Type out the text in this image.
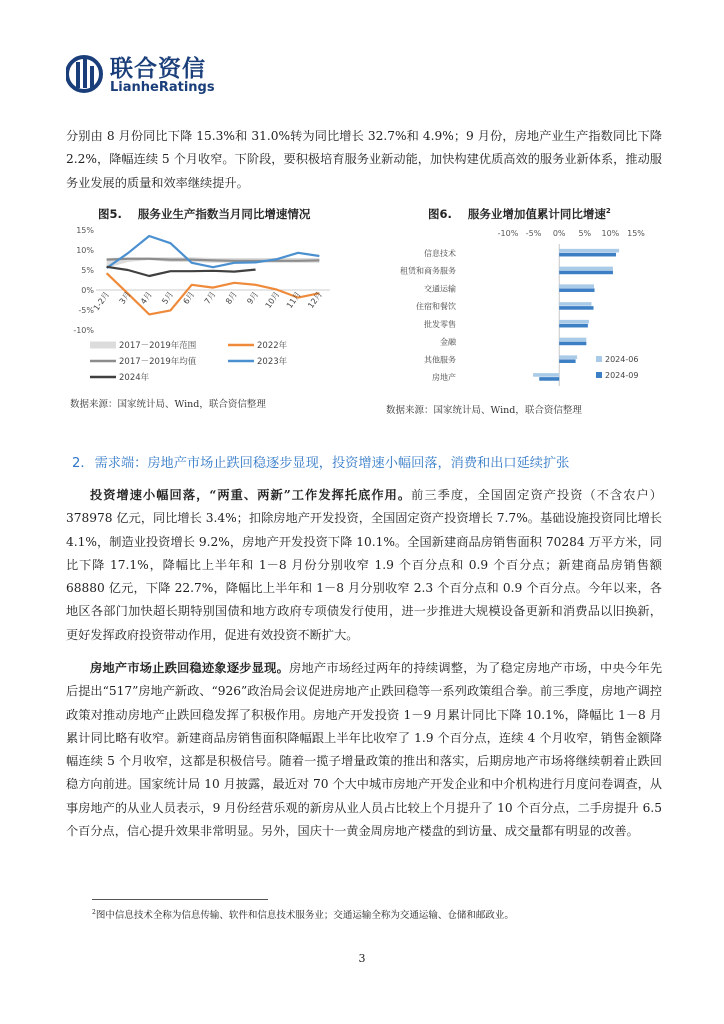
联合资信
LianheRatings

分别由 8 月份同比下降 15.3%和 31.0%转为同比增长 32.7%和 4.9%；9 月份，房地产业生产指数同比下降 2.2%，降幅连续 5 个月收窄。下阶段，要积极培育服务业新动能，加快构建优质高效的服务业新体系，推动服务业发展的质量和效率继续提升。

图5. 服务业生产指数当月同比增速情况
15%
10%
5%
0%
-5%
-10%
1-2月 3月 4月 5月 6月 7月 8月 9月 10月 11月 12月
2017－2019年范围	2022年
2017－2019年均值	2023年
2024年
数据来源：国家统计局、Wind，联合资信整理
图6. 服务业增加值累计同比增速$^2$
-10% -5% 0% 5% 10% 15%
信息技术
租赁和商务服务
交通运输
住宿和餐饮
批发零售
金融
其他服务
房地产
2024-06
2024-09
数据来源：国家统计局、Wind，联合资信整理
2. 需求端：房地产市场止跌回稳逐步显现，投资增速小幅回落，消费和出口延续扩张

投资增速小幅回落，“两重、两新”工作发挥托底作用。前三季度，全国固定资产投资（不含农户）378978 亿元，同比增长 3.4%；扣除房地产开发投资，全国固定资产投资增长 7.7%。基础设施投资同比增长 4.1%，制造业投资增长 9.2%，房地产开发投资下降 10.1%。全国新建商品房销售面积 70284 万平方米，同比下降 17.1%，降幅比上半年和 1－8 月份分别收窄 1.9 个百分点和 0.9 个百分点；新建商品房销售额 68880 亿元，下降 22.7%，降幅比上半年和 1－8 月分别收窄 2.3 个百分点和 0.9 个百分点。今年以来，各地区各部门加快超长期特别国债和地方政府专项债发行使用，进一步推进大规模设备更新和消费品以旧换新，更好发挥政府投资带动作用，促进有效投资不断扩大。

房地产市场止跌回稳迹象逐步显现。房地产市场经过两年的持续调整，为了稳定房地产市场，中央今年先后提出“517”房地产新政、“926”政治局会议促进房地产止跌回稳等一系列政策组合拳。前三季度，房地产调控政策对推动房地产止跌回稳发挥了积极作用。房地产开发投资 1－9 月累计同比下降 10.1%，降幅比 1－8 月累计同比略有收窄。新建商品房销售面积降幅跟上半年比收窄了 1.9 个百分点，连续 4 个月收窄，销售金额降幅连续 5 个月收窄，这都是积极信号。随着一揽子增量政策的推出和落实，后期房地产市场将继续朝着止跌回稳方向前进。国家统计局 10 月披露，最近对 70 个大中城市房地产开发企业和中介机构进行月度问卷调查，从事房地产的从业人员表示，9 月份经营乐观的新房从业人员占比较上个月提升了 10 个百分点，二手房提升 6.5 个百分点，信心提升效果非常明显。另外，国庆十一黄金周房地产楼盘的到访量、成交量都有明显的改善。

$^2$图中信息技术全称为信息传输、软件和信息技术服务业；交通运输全称为交通运输、仓储和邮政业。
3
